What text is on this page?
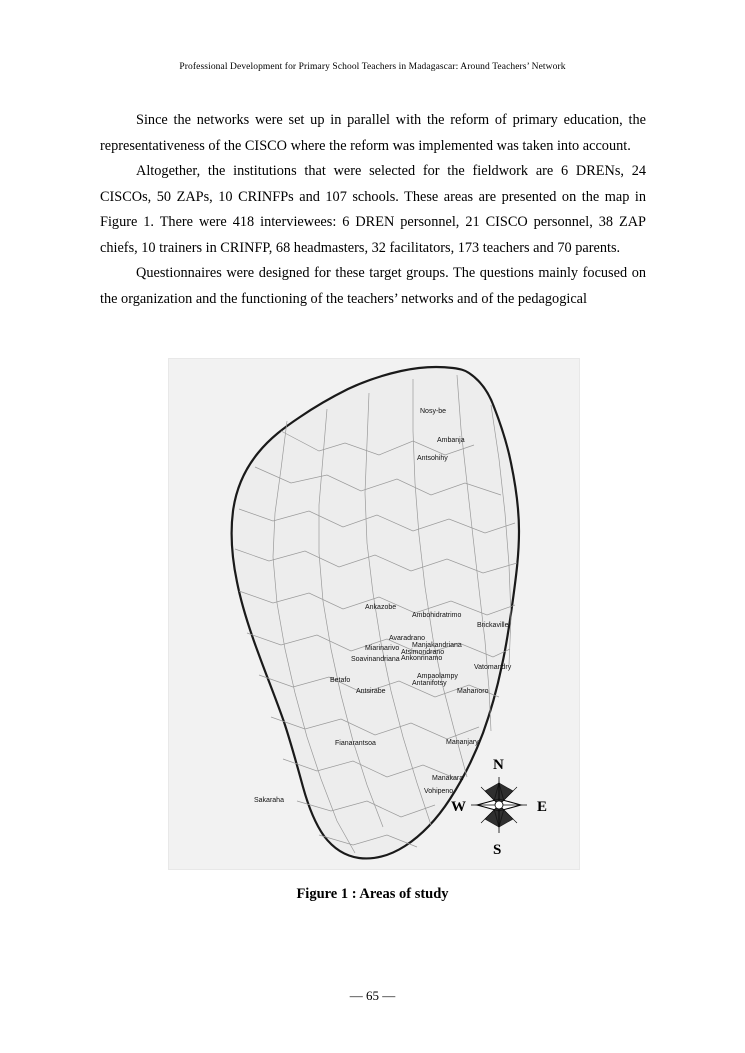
Professional Development for Primary School Teachers in Madagascar: Around Teachers’ Network

Since the networks were set up in parallel with the reform of primary education, the representativeness of the CISCO where the reform was implemented was taken into account.

Altogether, the institutions that were selected for the fieldwork are 6 DRENs, 24 CISCOs, 50 ZAPs, 10 CRINFPs and 107 schools. These areas are presented on the map in Figure 1. There were 418 interviewees: 6 DREN personnel, 21 CISCO personnel, 38 ZAP chiefs, 10 trainers in CRINFP, 68 headmasters, 32 facilitators, 173 teachers and 70 parents.

Questionnaires were designed for these target groups. The questions mainly focused on the organization and the functioning of the teachers’ networks and of the pedagogical

Nosy-be
Ambanja
Antsohihy
Ankazobe
Ambohidratrimo
Brickaville
Avaradrano
Manjakandriana
Miarinarivo
Atsimondrano
Soavinandriana Ankonrinamo
Vatomandry
Ampaolampy
Betafo	Antanifotsy
Antsirabe	Mahanoro
Fianarantsoa	Mananjary
Manakara
Vohipeno
Sakaraha
N
S
E
W
Figure 1 : Areas of study
— 65 —
